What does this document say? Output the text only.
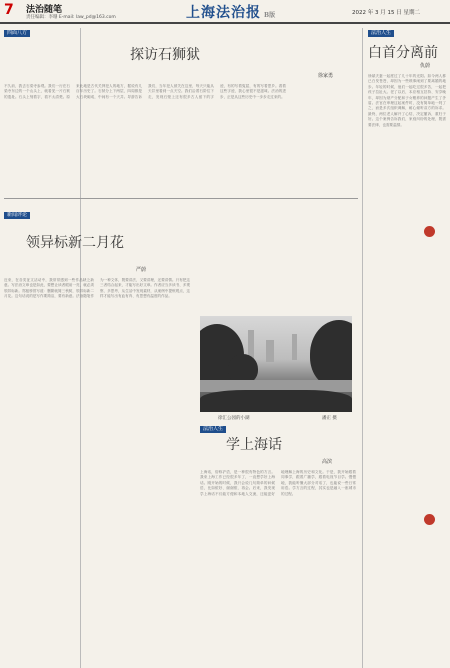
7	法治随笔
责任编辑：李珊 E-mail: law_pd@163.com	上海法治报 B版	2022 年 3 月 15 日 星期二
四面八方
探访石狮狱
徐家勇
不久前，我去石梁寺参观。我们一行在石梁寺东边的一个山头上，就看见一片石狱的遗址。石头上刻着字，看不太清楚。原来此地是古代关押犯人的地方，据说有几百年历史了。石狱分上下两层，四周都是大石块砌成，中间有一个天井。导游告诉我们，当年犯人被关在这里，每天只能从天井里看到一点天空。我们沿着石阶往下走，发现石壁上还有很多古人留下的字迹，有的写着冤屈，有的写着思乡。看着这些字迹，我心里很不是滋味。法治的进步，正是从这些历史中一步步走过来的。
新闻评论
领异标新二月花
严蔚
近来，在各类征文活动中，我常常感到一些作品缺乏新意。写法治文章也是如此，要想让读者眼前一亮，就必须领异标新。郑板桥曾写道：删繁就简三秋树，领异标新二月花。这句话说的是写作要简洁，要有新意。法治随笔作为一种文体，既要讲法，又要讲理，还要讲情。只有把这三者结合起来，才能写出好文章。作者应当多读书、多观察、多思考，从生活中发现素材，从案例中提炼观点，这样才能写出有血有肉、有思想有温度的作品。
徐汇公园的小湖	潘正 摄
法治人生
学上海话
高滨
上海话，俗称沪语，是一种很有特色的方言。我来上海工作已经很多年了，一直想学好上海话。刚开始的时候，我只会说几句简单的问候语，比如侬好、谢谢侬、再会。后来，我发现学上海话不仅能方便和本地人交流，还能更好地理解上海的历史和文化。于是，我开始跟着同事学，跟着广播学，跟着电视节目学。慢慢地，我能听懂大部分对话了，也能说一些日常用语。学方言的过程，其实也是融入一座城市的过程。
法治人生
白首分离前
仇蔚
徐斌夫妻一起度过了几十年的光阴。如今两人都已白发苍苍，却因为一些琐事闹到了要离婚的地步。年轻的时候，他们一起吃过很多苦，一起把孩子拉扯大。老了以后，本应相互扶持、安享晚年，却因为财产分配和子女赡养的问题产生了矛盾。法官在审理这起案件时，没有简单地一判了之，而是多次组织调解，耐心倾听双方的诉求。最终，两位老人解开了心结，决定撤诉，重归于好。这个案例告诉我们，家庭纠纷的处理，既需要法律，也需要温情。
